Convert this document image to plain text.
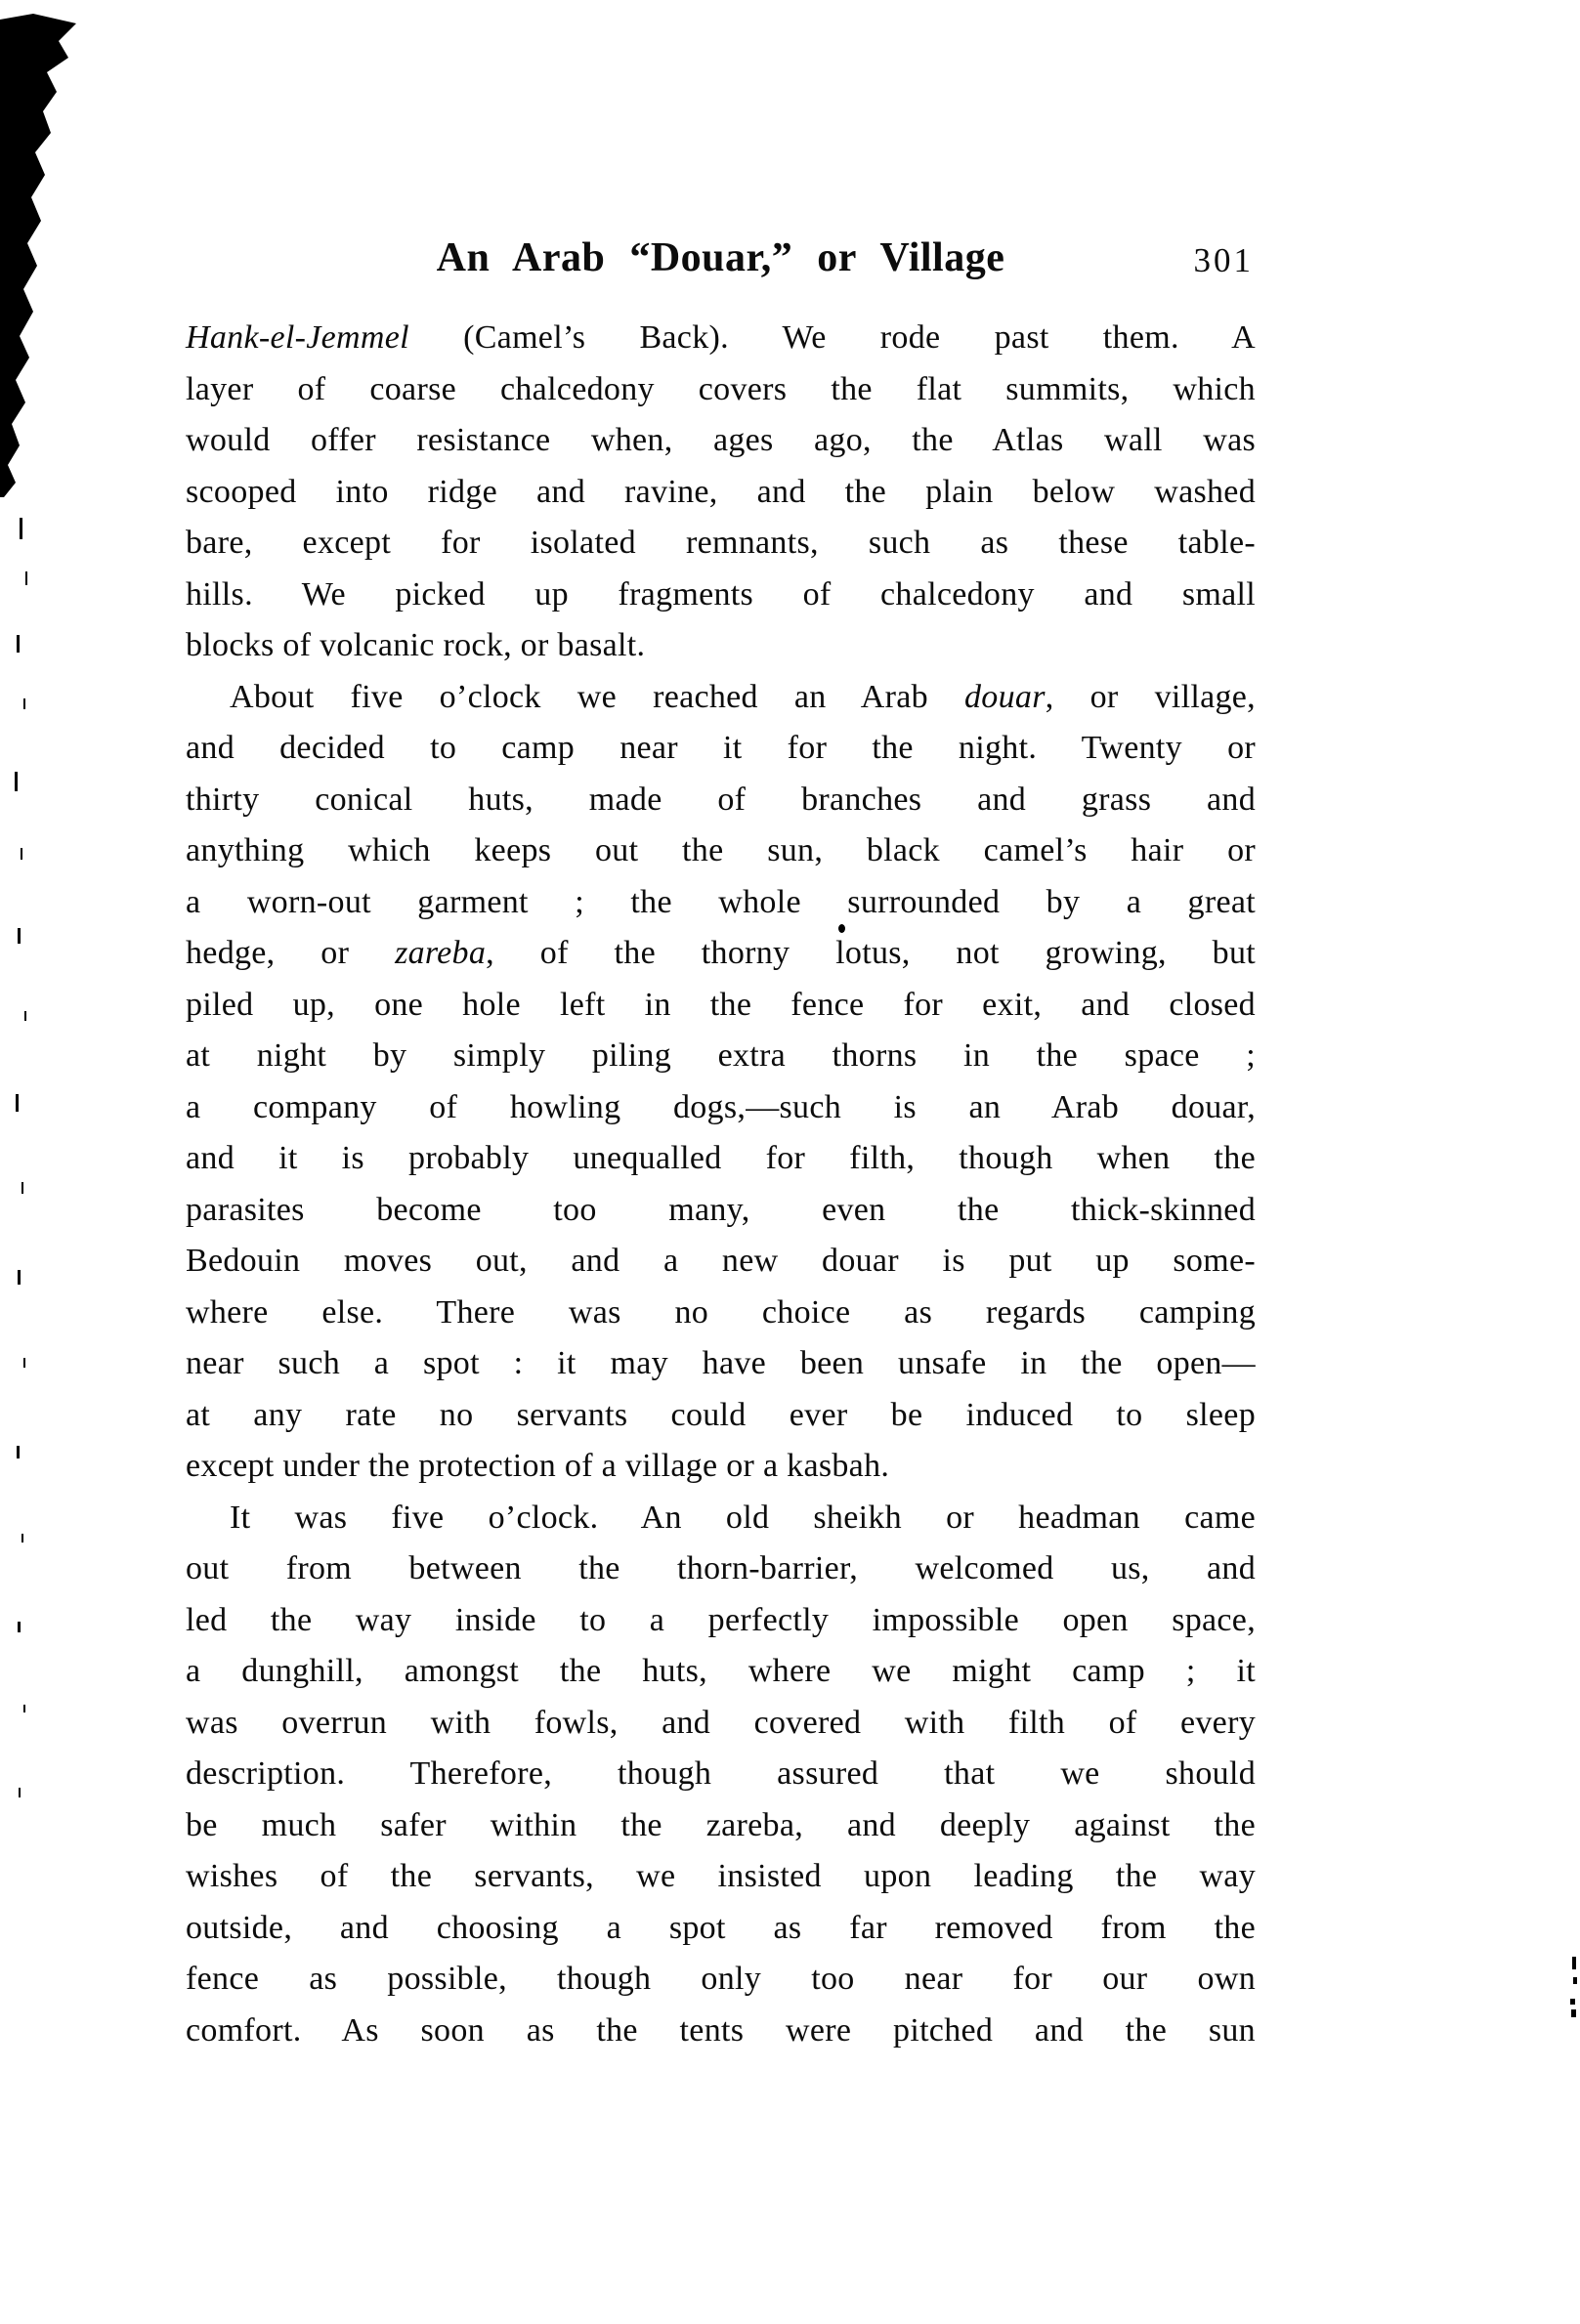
An Arab “Douar,” or Village	301
Hank-el-Jemmel (Camel’s Back). We rode past them. A
layer of coarse chalcedony covers the flat summits, which
would offer resistance when, ages ago, the Atlas wall was
scooped into ridge and ravine, and the plain below washed
bare, except for isolated remnants, such as these table-
hills. We picked up fragments of chalcedony and small
blocks of volcanic rock, or basalt.
About five o’clock we reached an Arab douar, or village,
and decided to camp near it for the night. Twenty or
thirty conical huts, made of branches and grass and
anything which keeps out the sun, black camel’s hair or
a worn-out garment ; the whole surrounded by a great
hedge, or zareba, of the thorny lotus, not growing, but
piled up, one hole left in the fence for exit, and closed
at night by simply piling extra thorns in the space ;
a company of howling dogs,—such is an Arab douar,
and it is probably unequalled for filth, though when the
parasites become too many, even the thick-skinned
Bedouin moves out, and a new douar is put up some-
where else. There was no choice as regards camping
near such a spot : it may have been unsafe in the open—
at any rate no servants could ever be induced to sleep
except under the protection of a village or a kasbah.
It was five o’clock. An old sheikh or headman came
out from between the thorn-barrier, welcomed us, and
led the way inside to a perfectly impossible open space,
a dunghill, amongst the huts, where we might camp ; it
was overrun with fowls, and covered with filth of every
description. Therefore, though assured that we should
be much safer within the zareba, and deeply against the
wishes of the servants, we insisted upon leading the way
outside, and choosing a spot as far removed from the
fence as possible, though only too near for our own
comfort. As soon as the tents were pitched and the sun
